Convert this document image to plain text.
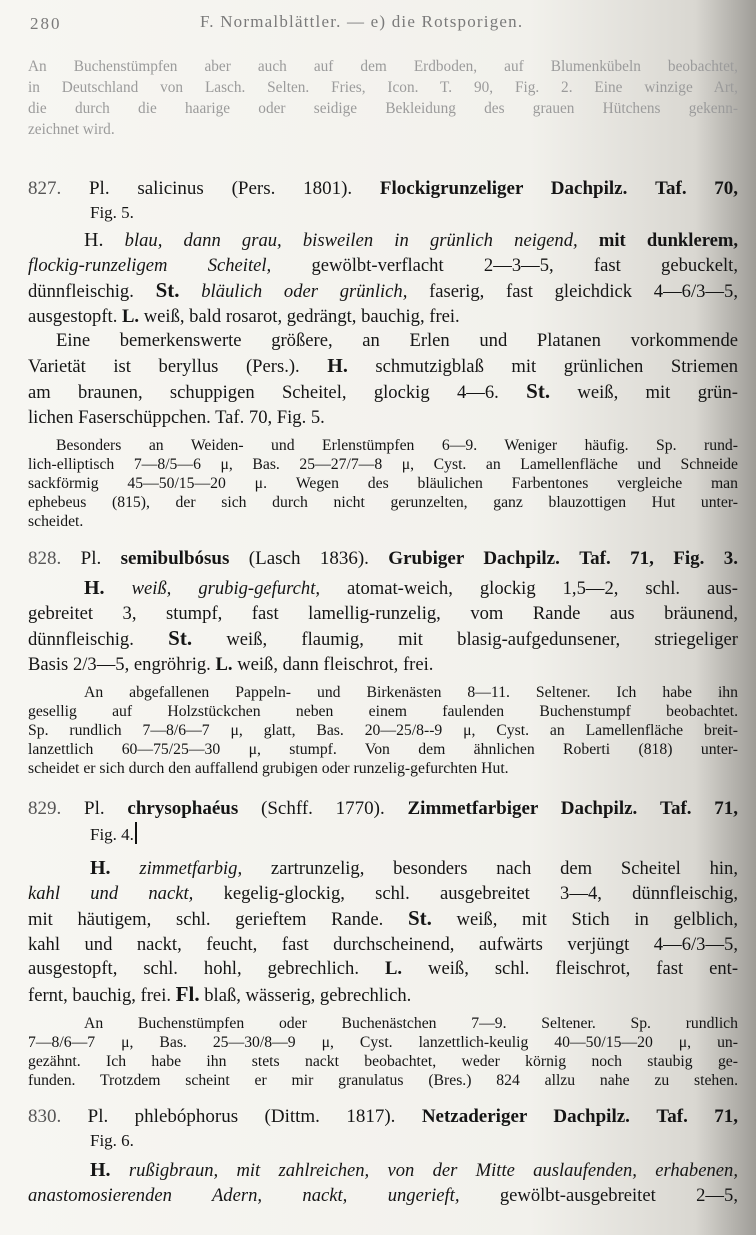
280	F. Normalblättler. — e) die Rotsporigen.
An Buchenstümpfen aber auch auf dem Erdboden, auf Blumenkübeln beobachtet,
in Deutschland von Lasch. Selten. Fries, Icon. T. 90, Fig. 2. Eine winzige Art,
die durch die haarige oder seidige Bekleidung des grauen Hütchens gekenn-
zeichnet wird.
827. Pl. salicinus (Pers. 1801). Flockigrunzeliger Dachpilz. Taf. 70,
Fig. 5.
H. blau, dann grau, bisweilen in grünlich neigend, mit dunklerem,
flockig-runzeligem Scheitel, gewölbt-verflacht 2—3—5, fast gebuckelt,
dünnfleischig. St. bläulich oder grünlich, faserig, fast gleichdick 4—6/3—5,
ausgestopft. L. weiß, bald rosarot, gedrängt, bauchig, frei.
Eine bemerkenswerte größere, an Erlen und Platanen vorkommende
Varietät ist beryllus (Pers.). H. schmutzigblaß mit grünlichen Striemen
am braunen, schuppigen Scheitel, glockig 4—6. St. weiß, mit grün-
lichen Faserschüppchen. Taf. 70, Fig. 5.
Besonders an Weiden- und Erlenstümpfen 6—9. Weniger häufig. Sp. rund-
lich-elliptisch 7—8/5—6 μ, Bas. 25—27/7—8 μ, Cyst. an Lamellenfläche und Schneide
sackförmig 45—50/15—20 μ. Wegen des bläulichen Farbentones vergleiche man
ephebeus (815), der sich durch nicht gerunzelten, ganz blauzottigen Hut unter-
scheidet.
828. Pl. semibulbósus (Lasch 1836). Grubiger Dachpilz. Taf. 71, Fig. 3.
H. weiß, grubig-gefurcht, atomat-weich, glockig 1,5—2, schl. aus-
gebreitet 3, stumpf, fast lamellig-runzelig, vom Rande aus bräunend,
dünnfleischig. St. weiß, flaumig, mit blasig-aufgedunsener, striegeliger
Basis 2/3—5, engröhrig. L. weiß, dann fleischrot, frei.
An abgefallenen Pappeln- und Birkenästen 8—11. Seltener. Ich habe ihn
gesellig auf Holzstückchen neben einem faulenden Buchenstumpf beobachtet.
Sp. rundlich 7—8/6—7 μ, glatt, Bas. 20—25/8--9 μ, Cyst. an Lamellenfläche breit-
lanzettlich 60—75/25—30 μ, stumpf. Von dem ähnlichen Roberti (818) unter-
scheidet er sich durch den auffallend grubigen oder runzelig-gefurchten Hut.
829. Pl. chrysophaéus (Schff. 1770). Zimmetfarbiger Dachpilz. Taf. 71,
Fig. 4.
H. zimmetfarbig, zartrunzelig, besonders nach dem Scheitel hin,
kahl und nackt, kegelig-glockig, schl. ausgebreitet 3—4, dünnfleischig,
mit häutigem, schl. gerieftem Rande. St. weiß, mit Stich in gelblich,
kahl und nackt, feucht, fast durchscheinend, aufwärts verjüngt 4—6/3—5,
ausgestopft, schl. hohl, gebrechlich. L. weiß, schl. fleischrot, fast ent-
fernt, bauchig, frei. Fl. blaß, wässerig, gebrechlich.
An Buchenstümpfen oder Buchenästchen 7—9. Seltener. Sp. rundlich
7—8/6—7 μ, Bas. 25—30/8—9 μ, Cyst. lanzettlich-keulig 40—50/15—20 μ, un-
gezähnt. Ich habe ihn stets nackt beobachtet, weder körnig noch staubig ge-
funden. Trotzdem scheint er mir granulatus (Bres.) 824 allzu nahe zu stehen.
830. Pl. phlebóphorus (Dittm. 1817). Netzaderiger Dachpilz. Taf. 71,
Fig. 6.
H. rußigbraun, mit zahlreichen, von der Mitte auslaufenden, erhabenen,
anastomosierenden Adern, nackt, ungerieft, gewölbt-ausgebreitet 2—5,
